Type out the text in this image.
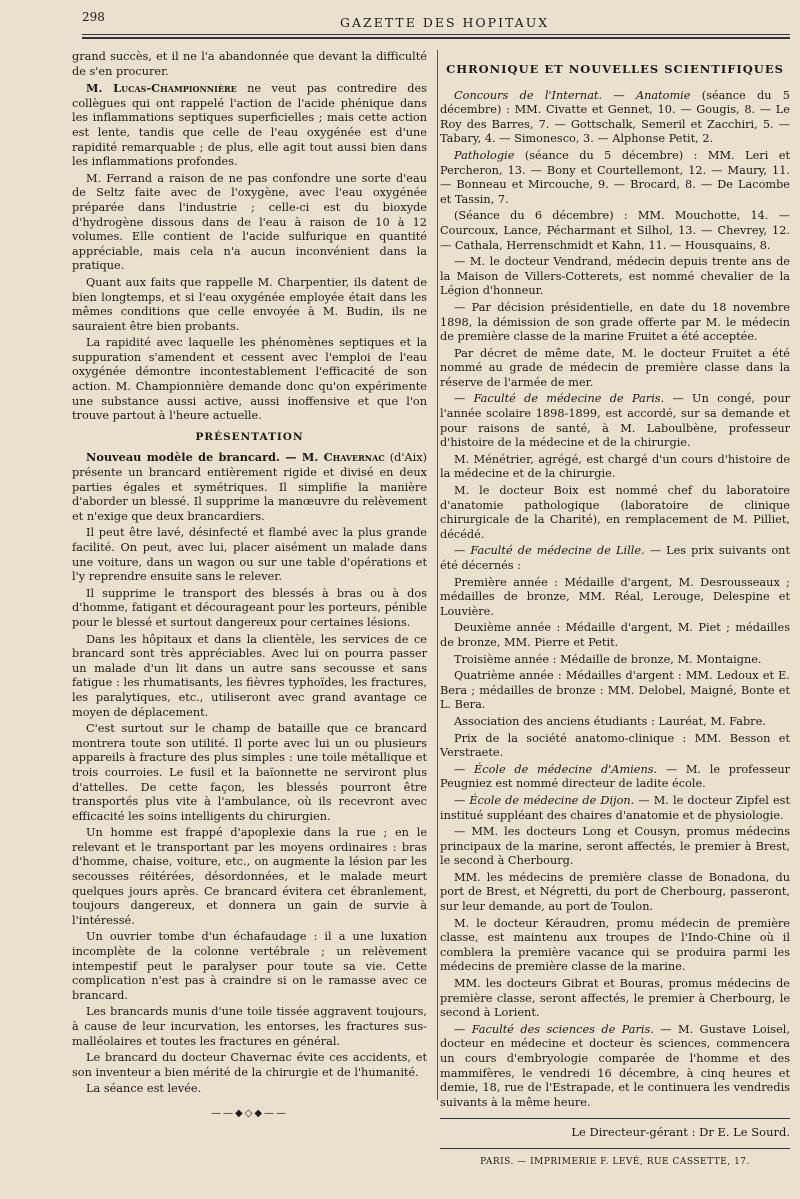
298	GAZETTE DES HOPITAUX

grand succès, et il ne l'a abandonnée que devant la difficulté de s'en procurer.

M. Lucas-Championnière ne veut pas contredire des collègues qui ont rappelé l'action de l'acide phénique dans les inflammations septiques superficielles ; mais cette action est lente, tandis que celle de l'eau oxygénée est d'une rapidité remarquable ; de plus, elle agit tout aussi bien dans les inflammations profondes.

M. Ferrand a raison de ne pas confondre une sorte d'eau de Seltz faite avec de l'oxygène, avec l'eau oxygénée préparée dans l'industrie ; celle-ci est du bioxyde d'hydrogène dissous dans de l'eau à raison de 10 à 12 volumes. Elle contient de l'acide sulfurique en quantité appréciable, mais cela n'a aucun inconvénient dans la pratique.

Quant aux faits que rappelle M. Charpentier, ils datent de bien longtemps, et si l'eau oxygénée employée était dans les mêmes conditions que celle envoyée à M. Budin, ils ne sauraient être bien probants.

La rapidité avec laquelle les phénomènes septiques et la suppuration s'amendent et cessent avec l'emploi de l'eau oxygénée démontre incontestablement l'efficacité de son action. M. Championnière demande donc qu'on expérimente une substance aussi active, aussi inoffensive et que l'on trouve partout à l'heure actuelle.

PRÉSENTATION

Nouveau modèle de brancard. — M. Chavernac (d'Aix) présente un brancard entièrement rigide et divisé en deux parties égales et symétriques. Il simplifie la manière d'aborder un blessé. Il supprime la manœuvre du relèvement et n'exige que deux brancardiers.

Il peut être lavé, désinfecté et flambé avec la plus grande facilité. On peut, avec lui, placer aisément un malade dans une voiture, dans un wagon ou sur une table d'opérations et l'y reprendre ensuite sans le relever.

Il supprime le transport des blessés à bras ou à dos d'homme, fatigant et décourageant pour les porteurs, pénible pour le blessé et surtout dangereux pour certaines lésions.

Dans les hôpitaux et dans la clientèle, les services de ce brancard sont très appréciables. Avec lui on pourra passer un malade d'un lit dans un autre sans secousse et sans fatigue : les rhumatisants, les fièvres typhoïdes, les fractures, les paralytiques, etc., utiliseront avec grand avantage ce moyen de déplacement.

C'est surtout sur le champ de bataille que ce brancard montrera toute son utilité. Il porte avec lui un ou plusieurs appareils à fracture des plus simples : une toile métallique et trois courroies. Le fusil et la baïonnette ne serviront plus d'attelles. De cette façon, les blessés pourront être transportés plus vite à l'ambulance, où ils recevront avec efficacité les soins intelligents du chirurgien.

Un homme est frappé d'apoplexie dans la rue ; en le relevant et le transportant par les moyens ordinaires : bras d'homme, chaise, voiture, etc., on augmente la lésion par les secousses réitérées, désordonnées, et le malade meurt quelques jours après. Ce brancard évitera cet ébranlement, toujours dangereux, et donnera un gain de survie à l'intéressé.

Un ouvrier tombe d'un échafaudage : il a une luxation incomplète de la colonne vertébrale ; un relèvement intempestif peut le paralyser pour toute sa vie. Cette complication n'est pas à craindre si on le ramasse avec ce brancard.

Les brancards munis d'une toile tissée aggravent toujours, à cause de leur incurvation, les entorses, les fractures sus-malléolaires et toutes les fractures en général.

Le brancard du docteur Chavernac évite ces accidents, et son inventeur a bien mérité de la chirurgie et de l'humanité.

La séance est levée.

——◆◇◆——
CHRONIQUE ET NOUVELLES SCIENTIFIQUES

Concours de l'Internat. — Anatomie (séance du 5 décembre) : MM. Civatte et Gennet, 10. — Gougis, 8. — Le Roy des Barres, 7. — Gottschalk, Semeril et Zacchiri, 5. — Tabary, 4. — Simonesco, 3. — Alphonse Petit, 2.

Pathologie (séance du 5 décembre) : MM. Leri et Percheron, 13. — Bony et Courtellemont, 12. — Maury, 11. — Bonneau et Mircouche, 9. — Brocard, 8. — De Lacombe et Tassin, 7.

(Séance du 6 décembre) : MM. Mouchotte, 14. — Courcoux, Lance, Pécharmant et Silhol, 13. — Chevrey, 12. — Cathala, Herrenschmidt et Kahn, 11. — Housquains, 8.

— M. le docteur Vendrand, médecin depuis trente ans de la Maison de Villers-Cotterets, est nommé chevalier de la Légion d'honneur.

— Par décision présidentielle, en date du 18 novembre 1898, la démission de son grade offerte par M. le médecin de première classe de la marine Fruitet a été acceptée.

Par décret de même date, M. le docteur Fruitet a été nommé au grade de médecin de première classe dans la réserve de l'armée de mer.

— Faculté de médecine de Paris. — Un congé, pour l'année scolaire 1898-1899, est accordé, sur sa demande et pour raisons de santé, à M. Laboulbène, professeur d'histoire de la médecine et de la chirurgie.

M. Ménétrier, agrégé, est chargé d'un cours d'histoire de la médecine et de la chirurgie.

M. le docteur Boix est nommé chef du laboratoire d'anatomie pathologique (laboratoire de clinique chirurgicale de la Charité), en remplacement de M. Pilliet, décédé.

— Faculté de médecine de Lille. — Les prix suivants ont été décernés :

Première année : Médaille d'argent, M. Desrousseaux ; médailles de bronze, MM. Réal, Lerouge, Delespine et Louvière.

Deuxième année : Médaille d'argent, M. Piet ; médailles de bronze, MM. Pierre et Petit.

Troisième année : Médaille de bronze, M. Montaigne.

Quatrième année : Médailles d'argent : MM. Ledoux et E. Bera ; médailles de bronze : MM. Delobel, Maigné, Bonte et L. Bera.

Association des anciens étudiants : Lauréat, M. Fabre.

Prix de la société anatomo-clinique : MM. Besson et Verstraete.

— École de médecine d'Amiens. — M. le professeur Peugniez est nommé directeur de ladite école.

— École de médecine de Dijon. — M. le docteur Zipfel est institué suppléant des chaires d'anatomie et de physiologie.

— MM. les docteurs Long et Cousyn, promus médecins principaux de la marine, seront affectés, le premier à Brest, le second à Cherbourg.

MM. les médecins de première classe de Bonadona, du port de Brest, et Négretti, du port de Cherbourg, passeront, sur leur demande, au port de Toulon.

M. le docteur Kéraudren, promu médecin de première classe, est maintenu aux troupes de l'Indo-Chine où il comblera la première vacance qui se produira parmi les médecins de première classe de la marine.

MM. les docteurs Gibrat et Bouras, promus médecins de première classe, seront affectés, le premier à Cherbourg, le second à Lorient.

— Faculté des sciences de Paris. — M. Gustave Loisel, docteur en médecine et docteur ès sciences, commencera un cours d'embryologie comparée de l'homme et des mammifères, le vendredi 16 décembre, à cinq heures et demie, 18, rue de l'Estrapade, et le continuera les vendredis suivants à la même heure.

Le Directeur-gérant : Dr E. Le Sourd.
PARIS. — IMPRIMERIE F. LEVÉ, RUE CASSETTE, 17.
